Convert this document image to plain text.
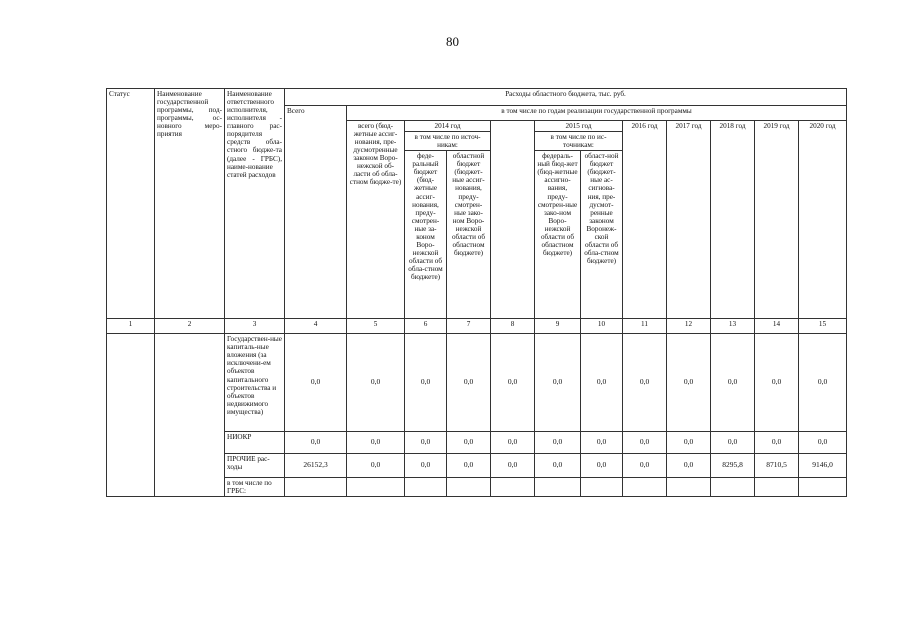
80
Статус	Наименование государственной программы, под-программы, ос-новного меро-приятия	Наименование ответственного исполнителя, исполнителя - главного рас-порядителя средств обла-стного бюдже-та (далее - ГРБС), наиме-нование статей расходов	Расходы областного бюджета, тыс. руб.											
			Всего	в том числе по годам реализации государственной программы										
				всего (бюд-жетные ассиг-нования, пре-дусмотренные законом Воро-нежской об-ласти об обла-стном бюдже-те)	2014 год			2015 год		2016 год	2017 год	2018 год	2019 год	2020 год
					в том числе по источ-никам:			в том числе по ис-точникам:						
					феде-ральный бюджет (бюд-жетные ассиг-нования, преду-смотрен-ные за-коном Воро-нежской области об обла-стном бюджете)	областной бюджет (бюджет-ные ассиг-нования, преду-смотрен-ные зако-ном Воро-нежской области об областном бюджете)		федераль-ный бюд-жет (бюд-жетные ассигно-вания, преду-смотрен-ные зако-ном Воро-нежской области об областном бюджете)	област-ной бюджет (бюджет-ные ас-сигнова-ния, пре-дусмот-ренные законом Воронеж-ской области об обла-стном бюджете)					
1	2	3	4	5	6	7	8	9	10	11	12	13	14	15
		Государствен-ные капиталь-ные вложения (за исключени-ем объектов капитального строительства и объектов недвижимого имущества)	0,0	0,0	0,0	0,0	0,0	0,0	0,0	0,0	0,0	0,0	0,0	0,0
		НИОКР	0,0	0,0	0,0	0,0	0,0	0,0	0,0	0,0	0,0	0,0	0,0	0,0
		ПРОЧИЕ рас-ходы	26152,3	0,0	0,0	0,0	0,0	0,0	0,0	0,0	0,0	8295,8	8710,5	9146,0
		в том числе по ГРБС:												
